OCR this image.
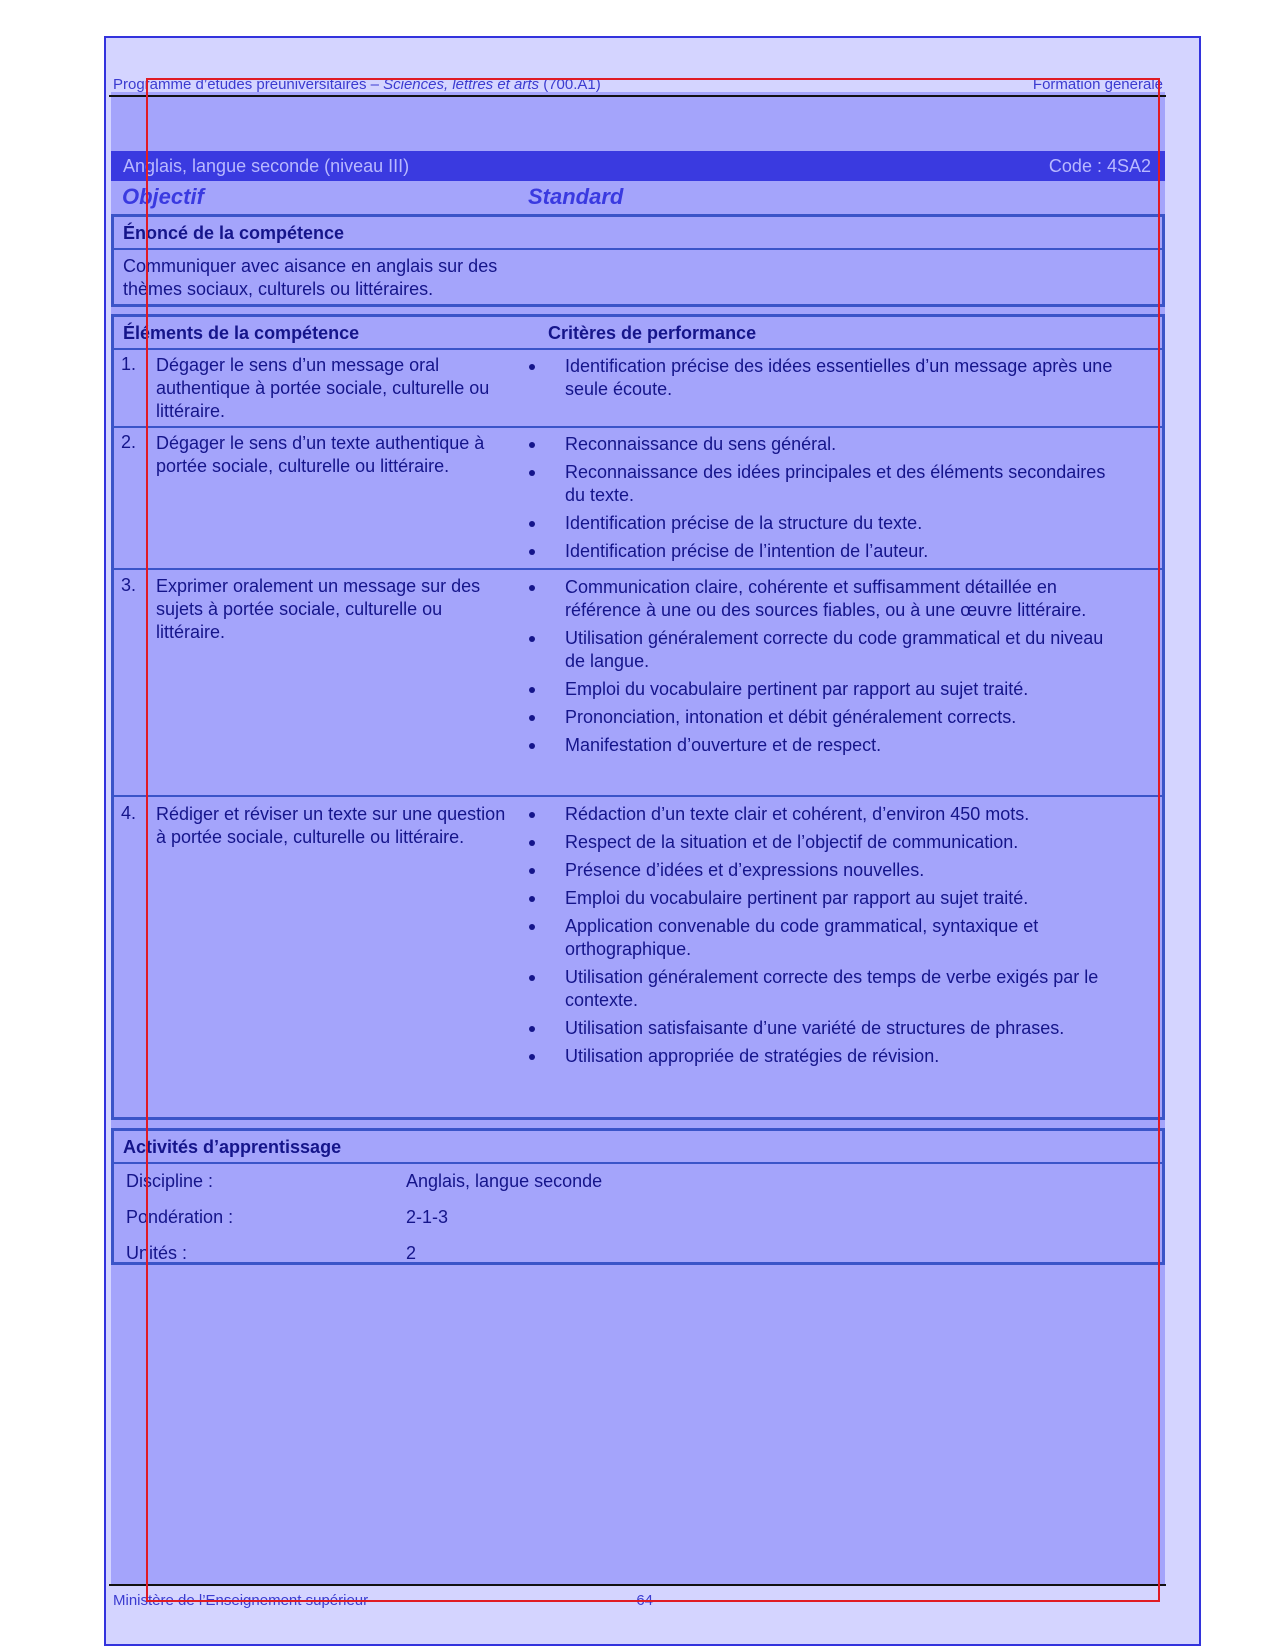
Programme d’études préuniversitaires – Sciences, lettres et arts (700.A1)	Formation générale
Anglais, langue seconde (niveau III)	Code : 4SA2
Objectif	Standard
Énoncé de la compétence
Communiquer avec aisance en anglais sur des thèmes sociaux, culturels ou littéraires.
Éléments de la compétence	Critères de performance
1. Dégager le sens d’un message oral authentique à portée sociale, culturelle ou littéraire.
Identification précise des idées essentielles d’un message après une seule écoute.
2. Dégager le sens d’un texte authentique à portée sociale, culturelle ou littéraire.
Reconnaissance du sens général.
Reconnaissance des idées principales et des éléments secondaires du texte.
Identification précise de la structure du texte.
Identification précise de l’intention de l’auteur.
3. Exprimer oralement un message sur des sujets à portée sociale, culturelle ou littéraire.
Communication claire, cohérente et suffisamment détaillée en référence à une ou des sources fiables, ou à une œuvre littéraire.
Utilisation généralement correcte du code grammatical et du niveau de langue.
Emploi du vocabulaire pertinent par rapport au sujet traité.
Prononciation, intonation et débit généralement corrects.
Manifestation d’ouverture et de respect.
4. Rédiger et réviser un texte sur une question à portée sociale, culturelle ou littéraire.
Rédaction d’un texte clair et cohérent, d’environ 450 mots.
Respect de la situation et de l’objectif de communication.
Présence d’idées et d’expressions nouvelles.
Emploi du vocabulaire pertinent par rapport au sujet traité.
Application convenable du code grammatical, syntaxique et orthographique.
Utilisation généralement correcte des temps de verbe exigés par le contexte.
Utilisation satisfaisante d’une variété de structures de phrases.
Utilisation appropriée de stratégies de révision.
Activités d’apprentissage
Discipline :	Anglais, langue seconde
Pondération :	2-1-3
Unités :	2
Ministère de l’Enseignement supérieur	64
